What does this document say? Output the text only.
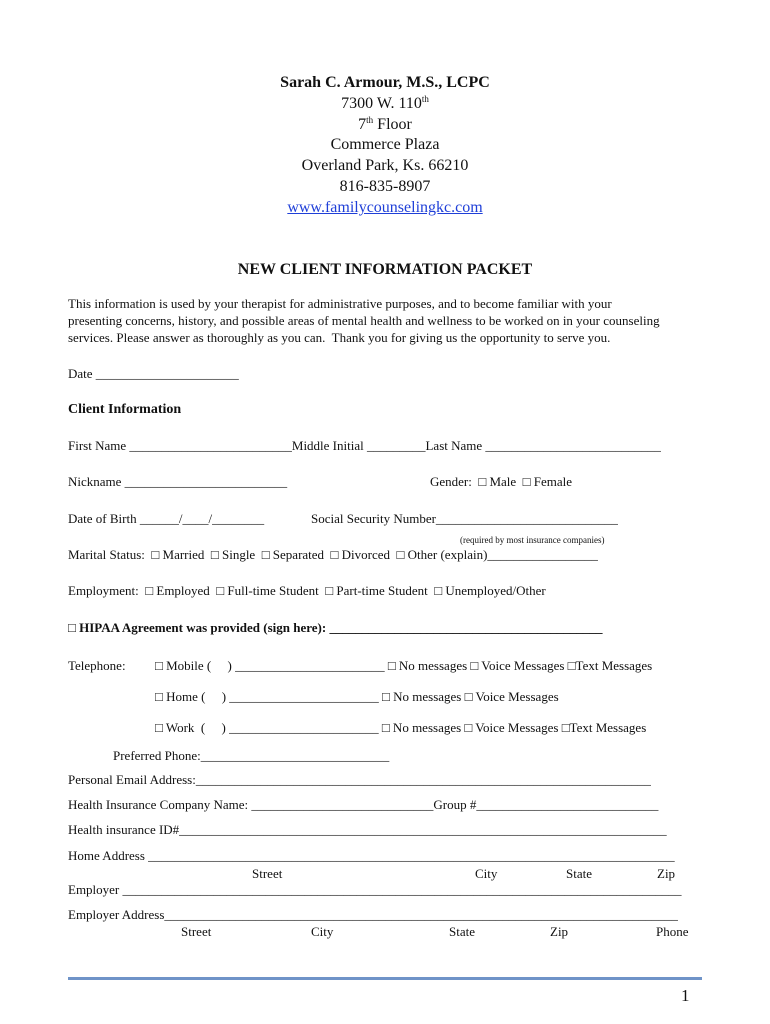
Sarah C. Armour, M.S., LCPC
7300 W. 110th
7th Floor
Commerce Plaza
Overland Park, Ks. 66210
816-835-8907
www.familycounselingkc.com
NEW CLIENT INFORMATION PACKET
This information is used by your therapist for administrative purposes, and to become familiar with your
presenting concerns, history, and possible areas of mental health and wellness to be worked on in your counseling
services. Please answer as thoroughly as you can.  Thank you for giving us the opportunity to serve you.
Date ______________________
Client Information
First Name _________________________Middle Initial _________Last Name ___________________________
Nickname _________________________	Gender:  □ Male  □ Female
Date of Birth ______/____/________	Social Security Number____________________________
(required by most insurance companies)
Marital Status:  □ Married  □ Single  □ Separated  □ Divorced  □ Other (explain)_________________
Employment:  □ Employed  □ Full-time Student  □ Part-time Student  □ Unemployed/Other
□ HIPAA Agreement was provided (sign here): __________________________________________
Telephone: □ Mobile (     ) _______________________ □ No messages □ Voice Messages □Text Messages
□ Home (     ) _______________________ □ No messages □ Voice Messages
□ Work  (     ) _______________________ □ No messages □ Voice Messages □Text Messages
Preferred Phone:_____________________________
Personal Email Address:______________________________________________________________________
Health Insurance Company Name: ____________________________Group #____________________________
Health insurance ID#___________________________________________________________________________
Home Address _________________________________________________________________________________
Street	City	State	Zip
Employer ______________________________________________________________________________________
Employer Address_______________________________________________________________________________
Street	City	State	Zip	Phone
1
